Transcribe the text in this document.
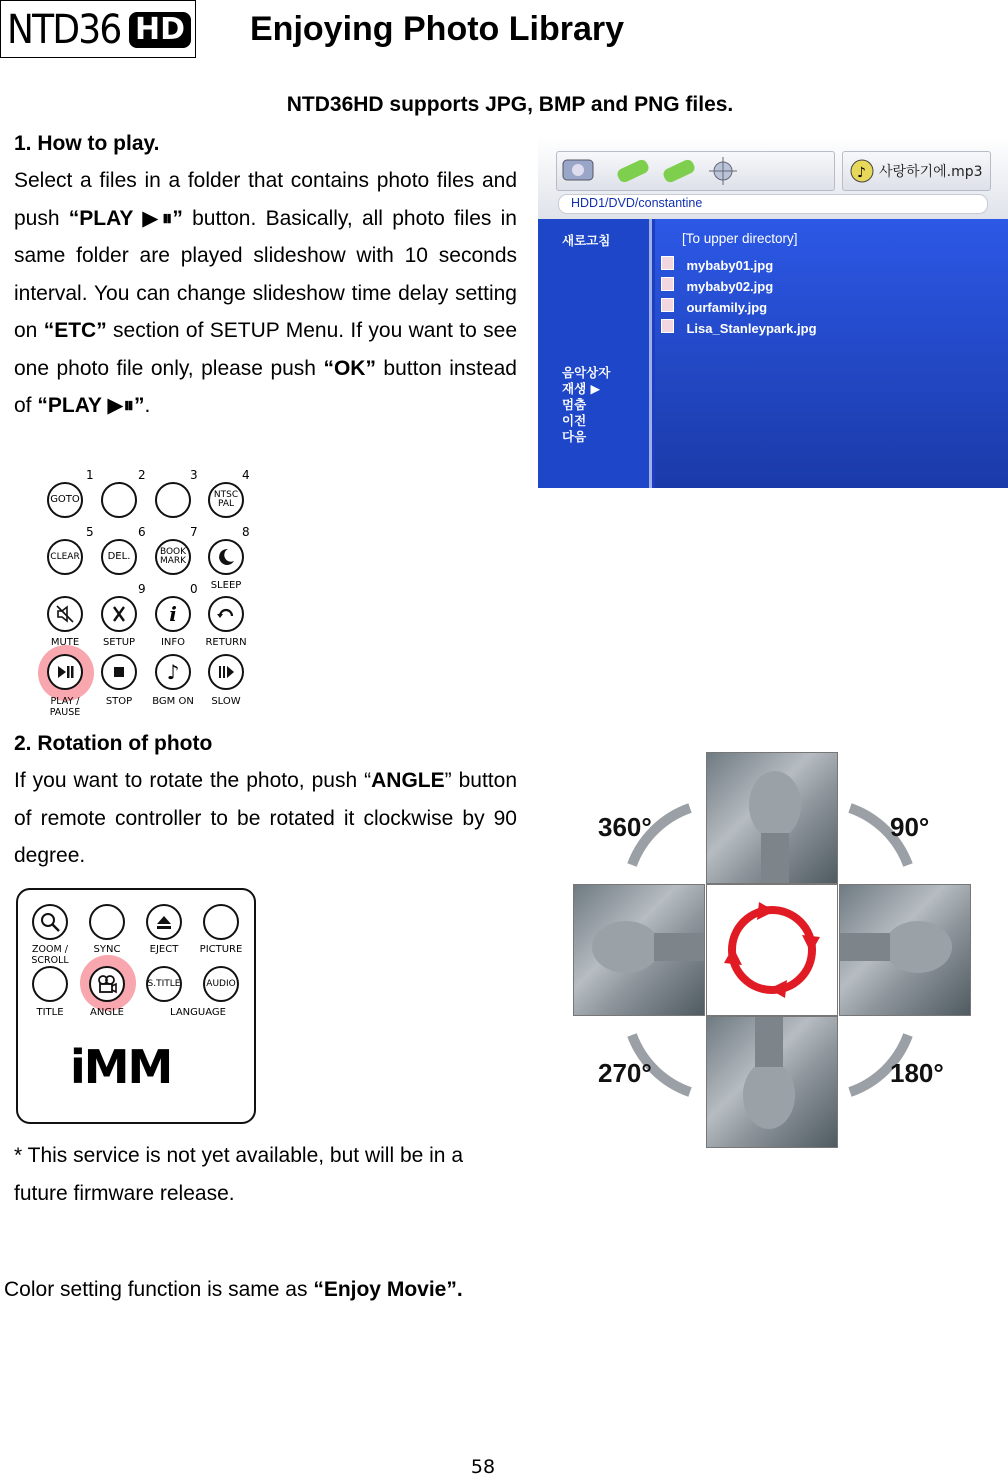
NTD36 HD Enjoying Photo Library
NTD36HD supports JPG, BMP and PNG files.
1. How to play.
Select a files in a folder that contains photo files and push “PLAY ▶⏸” button. Basically, all photo files in same folder are played slideshow with 10 seconds interval. You can change slideshow time delay setting on “ETC” section of SETUP Menu. If you want to see one photo file only, please push “OK” button instead of “PLAY ▶⏸”.
♪ 사랑하기에.mp3
HDD1/DVD/constantine
새로고침
음악상자
재생 ▶
멈춤
이전
다음
[To upper directory]
mybaby01.jpg
mybaby02.jpg
ourfamily.jpg
Lisa_Stanleypark.jpg
1	2	3	4
GOTO	NTSC PAL
5	6	7	8
CLEAR	DEL.	BOOK MARK
9	0	SLEEP
i
MUTE	SETUP	INFO	RETURN
♪
PLAY / PAUSE
STOP	BGM ON	SLOW
2. Rotation of photo
If you want to rotate the photo, push “ANGLE” button of remote controller to be rotated it clockwise by 90 degree.
ZOOM / SCROLL
SYNC	EJECT	PICTURE
S.TITLE	AUDIO
TITLE	ANGLE	LANGUAGE
iMM
360°	90°
270°	180°
* This service is not yet available, but will be in a future firmware release.
Color setting function is same as “Enjoy Movie”.
58
